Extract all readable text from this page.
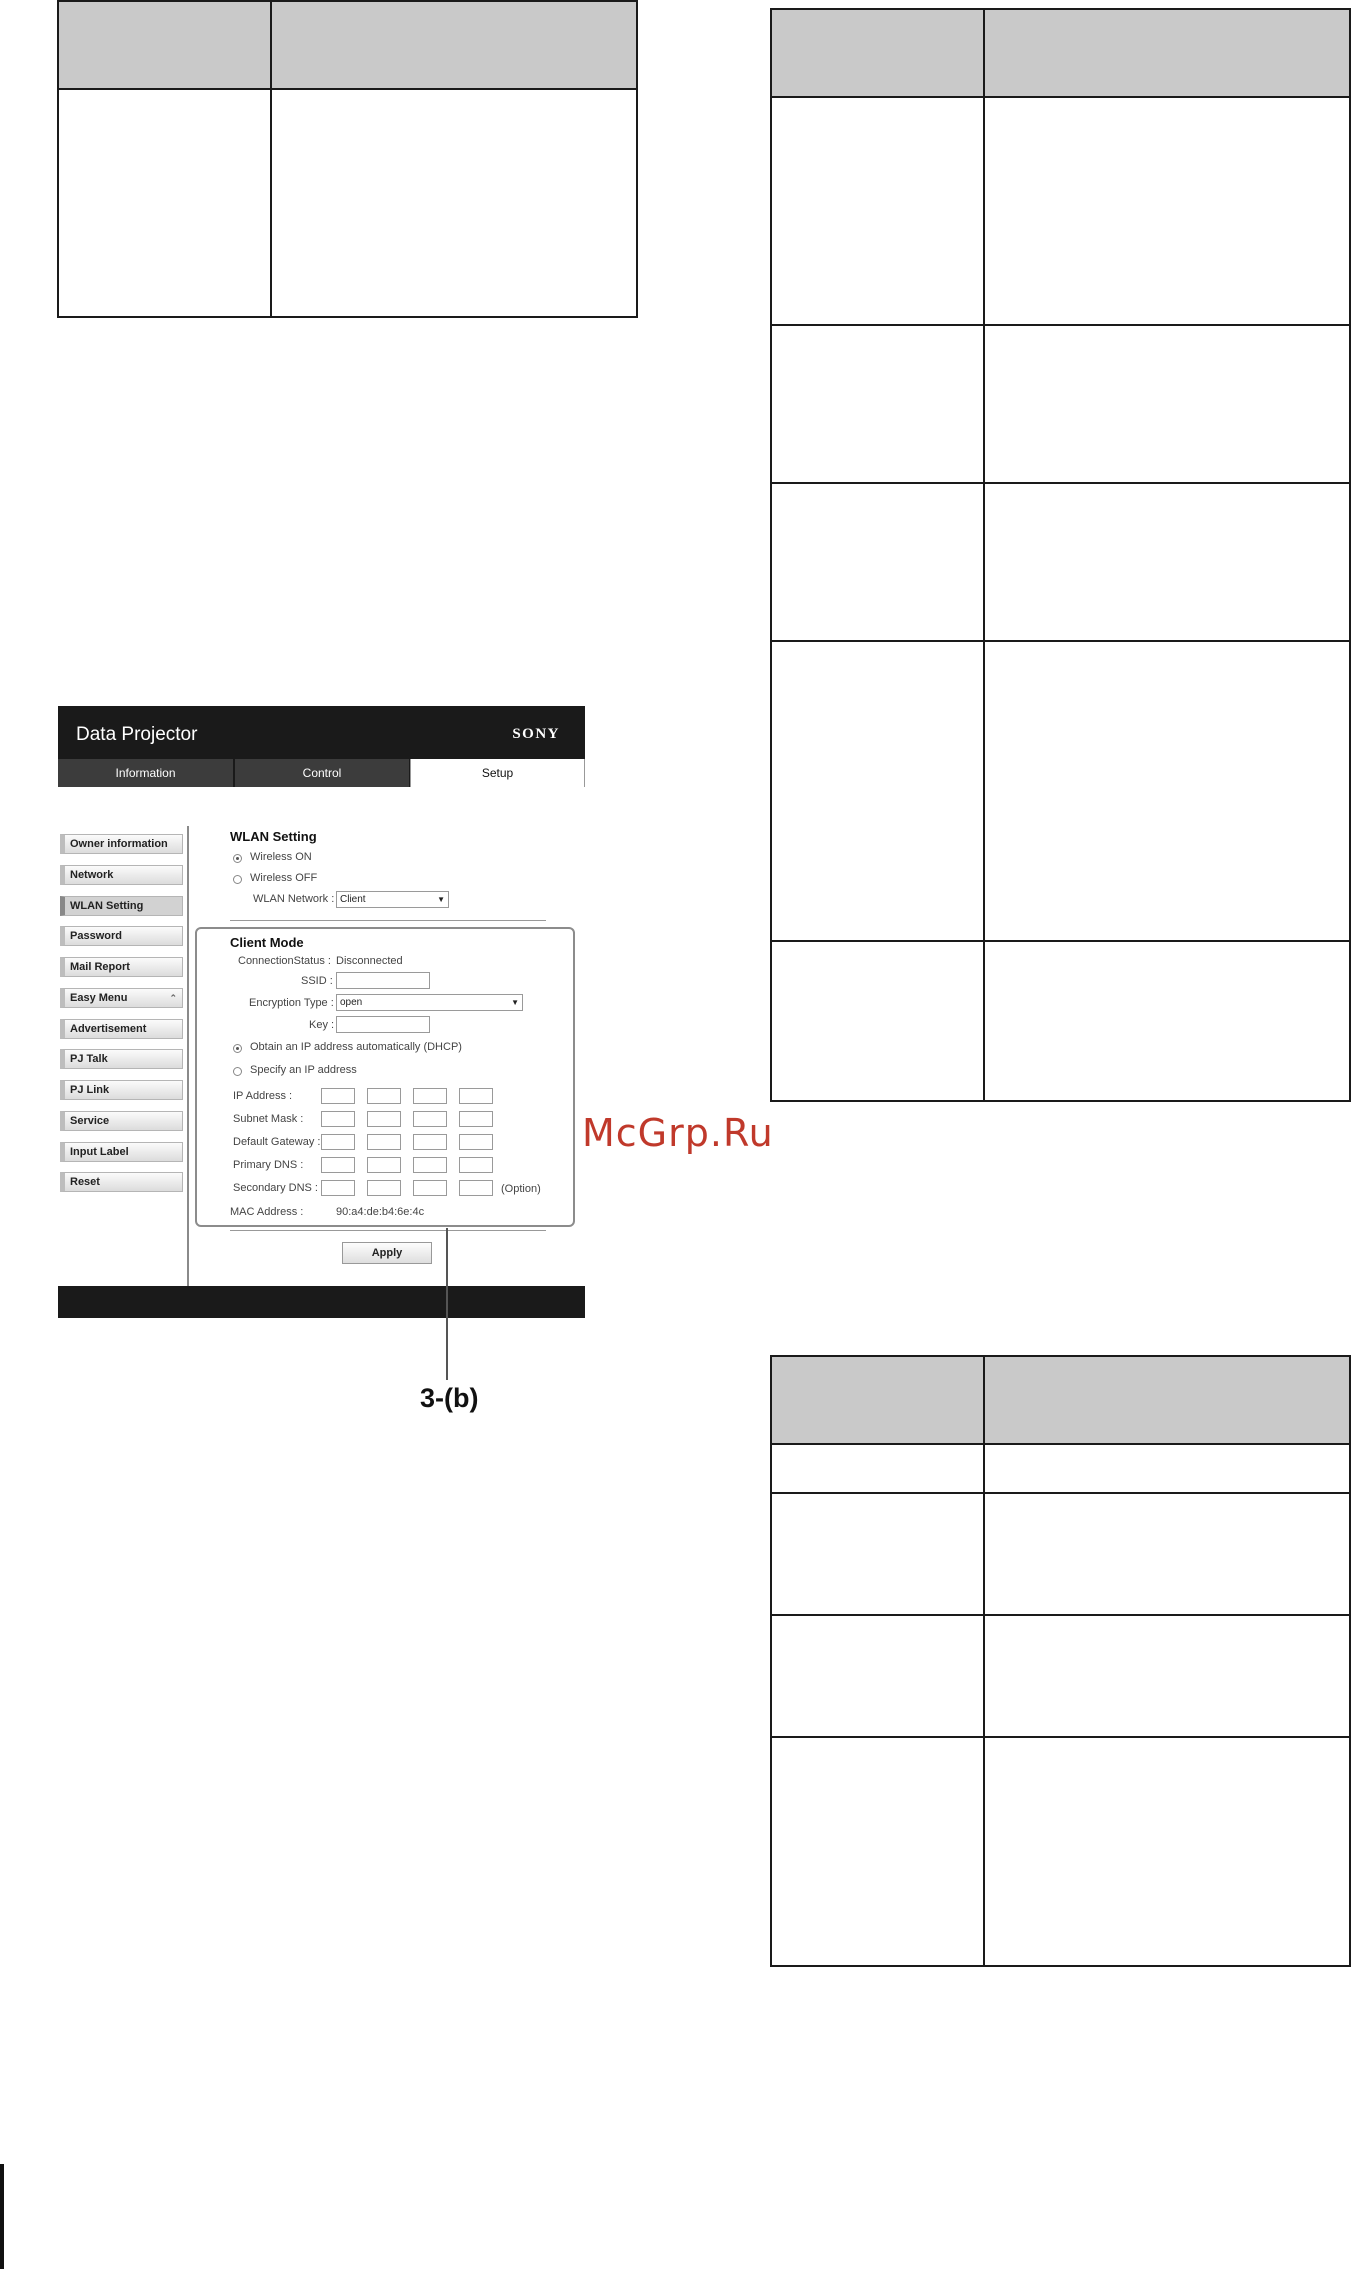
Data Projector	SONY
Information	Control	Setup
Owner information
Network
WLAN Setting
Password
Mail Report
Easy Menu	⌃
Advertisement
PJ Talk
PJ Link
Service
Input Label
Reset
WLAN Setting
Wireless ON
Wireless OFF
WLAN Network : Client ▼
Client Mode
ConnectionStatus : Disconnected
SSID :
Encryption Type : open ▼
Key :
Obtain an IP address automatically (DHCP)
Specify an IP address
IP Address :
Subnet Mask :
Default Gateway :
Primary DNS :
Secondary DNS :	(Option)
MAC Address :	90:a4:de:b4:6e:4c
Apply
3-(b)
McGrp.Ru
